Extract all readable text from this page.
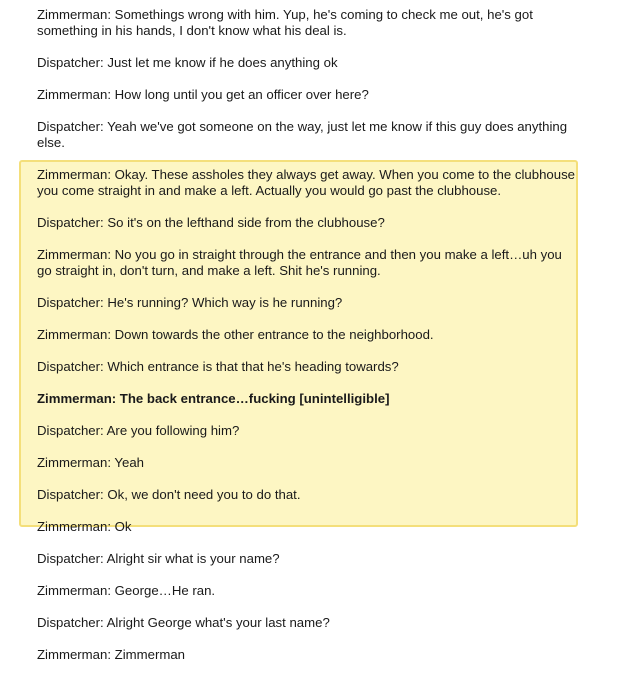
Zimmerman: Somethings wrong with him. Yup, he's coming to check me out, he's got something in his hands, I don't know what his deal is.

Dispatcher: Just let me know if he does anything ok

Zimmerman: How long until you get an officer over here?

Dispatcher: Yeah we've got someone on the way, just let me know if this guy does anything else.

Zimmerman: Okay. These assholes they always get away. When you come to the clubhouse you come straight in and make a left. Actually you would go past the clubhouse.

Dispatcher: So it's on the lefthand side from the clubhouse?

Zimmerman: No you go in straight through the entrance and then you make a left…uh you go straight in, don't turn, and make a left. Shit he's running.

Dispatcher: He's running? Which way is he running?

Zimmerman: Down towards the other entrance to the neighborhood.

Dispatcher: Which entrance is that that he's heading towards?

Zimmerman: The back entrance…fucking [unintelligible]

Dispatcher: Are you following him?

Zimmerman: Yeah

Dispatcher: Ok, we don't need you to do that.

Zimmerman: Ok

Dispatcher: Alright sir what is your name?

Zimmerman: George…He ran.

Dispatcher: Alright George what's your last name?

Zimmerman: Zimmerman
